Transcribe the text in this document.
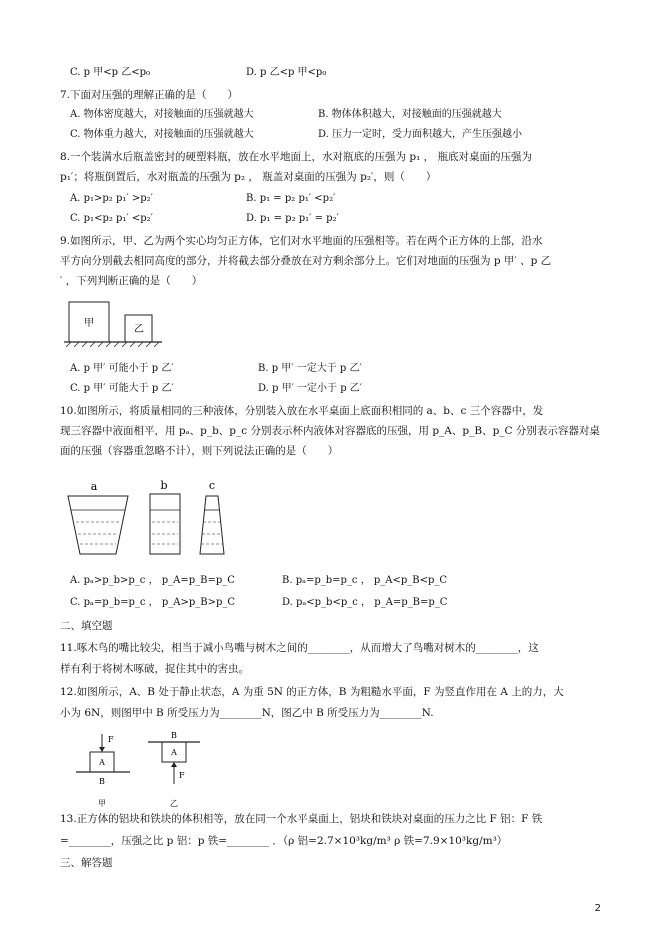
C. p 甲<p 乙<p₀	D. p 乙<p 甲<p₀
7.下面对压强的理解正确的是（　　）
A. 物体密度越大，对接触面的压强就越大	B. 物体体积越大，对接触面的压强就越大
C. 物体重力越大，对接触面的压强就越大	D. 压力一定时，受力面积越大，产生压强越小
8.一个装满水后瓶盖密封的硬塑料瓶，放在水平地面上，水对瓶底的压强为 p₁ ， 瓶底对桌面的压强为
p₁′；将瓶倒置后，水对瓶盖的压强为 p₂ ， 瓶盖对桌面的压强为 p₂′，则（　　）
A. p₁>p₂ p₁′ >p₂′	B. p₁ = p₂ p₁′ <p₂′
C. p₁<p₂ p₁′ <p₂′	D. p₁ = p₂ p₁′ = p₂′
9.如图所示，甲、乙为两个实心均匀正方体，它们对水平地面的压强相等。若在两个正方体的上部，沿水
平方向分别截去相同高度的部分，并将截去部分叠放在对方剩余部分上。它们对地面的压强为 p 甲′ 、p 乙
′ ，下列判断正确的是（　　）
甲
乙
A. p 甲′ 可能小于 p 乙′	B. p 甲′ 一定大于 p 乙′
C. p 甲′ 可能大于 p 乙′	D. p 甲′ 一定小于 p 乙′
10.如图所示，将质量相同的三种液体，分别装入放在水平桌面上底面积相同的 a、b、c 三个容器中，发
现三容器中液面相平，用 pₐ、p_b、p_c 分别表示杯内液体对容器底的压强，用 p_A、p_B、p_C 分别表示容器对桌
面的压强（容器重忽略不计），则下列说法正确的是（　　）
a	b	c
A. pₐ>p_b>p_c ， p_A=p_B=p_C	B. pₐ=p_b=p_c ， p_A<p_B<p_C
C. pₐ=p_b=p_c ， p_A>p_B>p_C	D. pₐ<p_b<p_c ， p_A=p_B=p_C
二、填空题
11.啄木鸟的嘴比较尖，相当于减小鸟嘴与树木之间的________，从而增大了鸟嘴对树木的________，这
样有利于将树木啄破，捉住其中的害虫。
12.如图所示，A、B 处于静止状态，A 为重 5N 的正方体，B 为粗糙水平面，F 为竖直作用在 A 上的力，大
小为 6N，则图甲中 B 所受压力为________N，图乙中 B 所受压力为________N.
F
A
B
甲
B
A
F
乙
13.正方体的铝块和铁块的体积相等，放在同一个水平桌面上，铝块和铁块对桌面的压力之比 F 铝：F 铁
=________，压强之比 p 铝：p 铁=________ ．（ρ 铝=2.7×10³kg/m³ ρ 铁=7.9×10³kg/m³）
三、解答题
2
